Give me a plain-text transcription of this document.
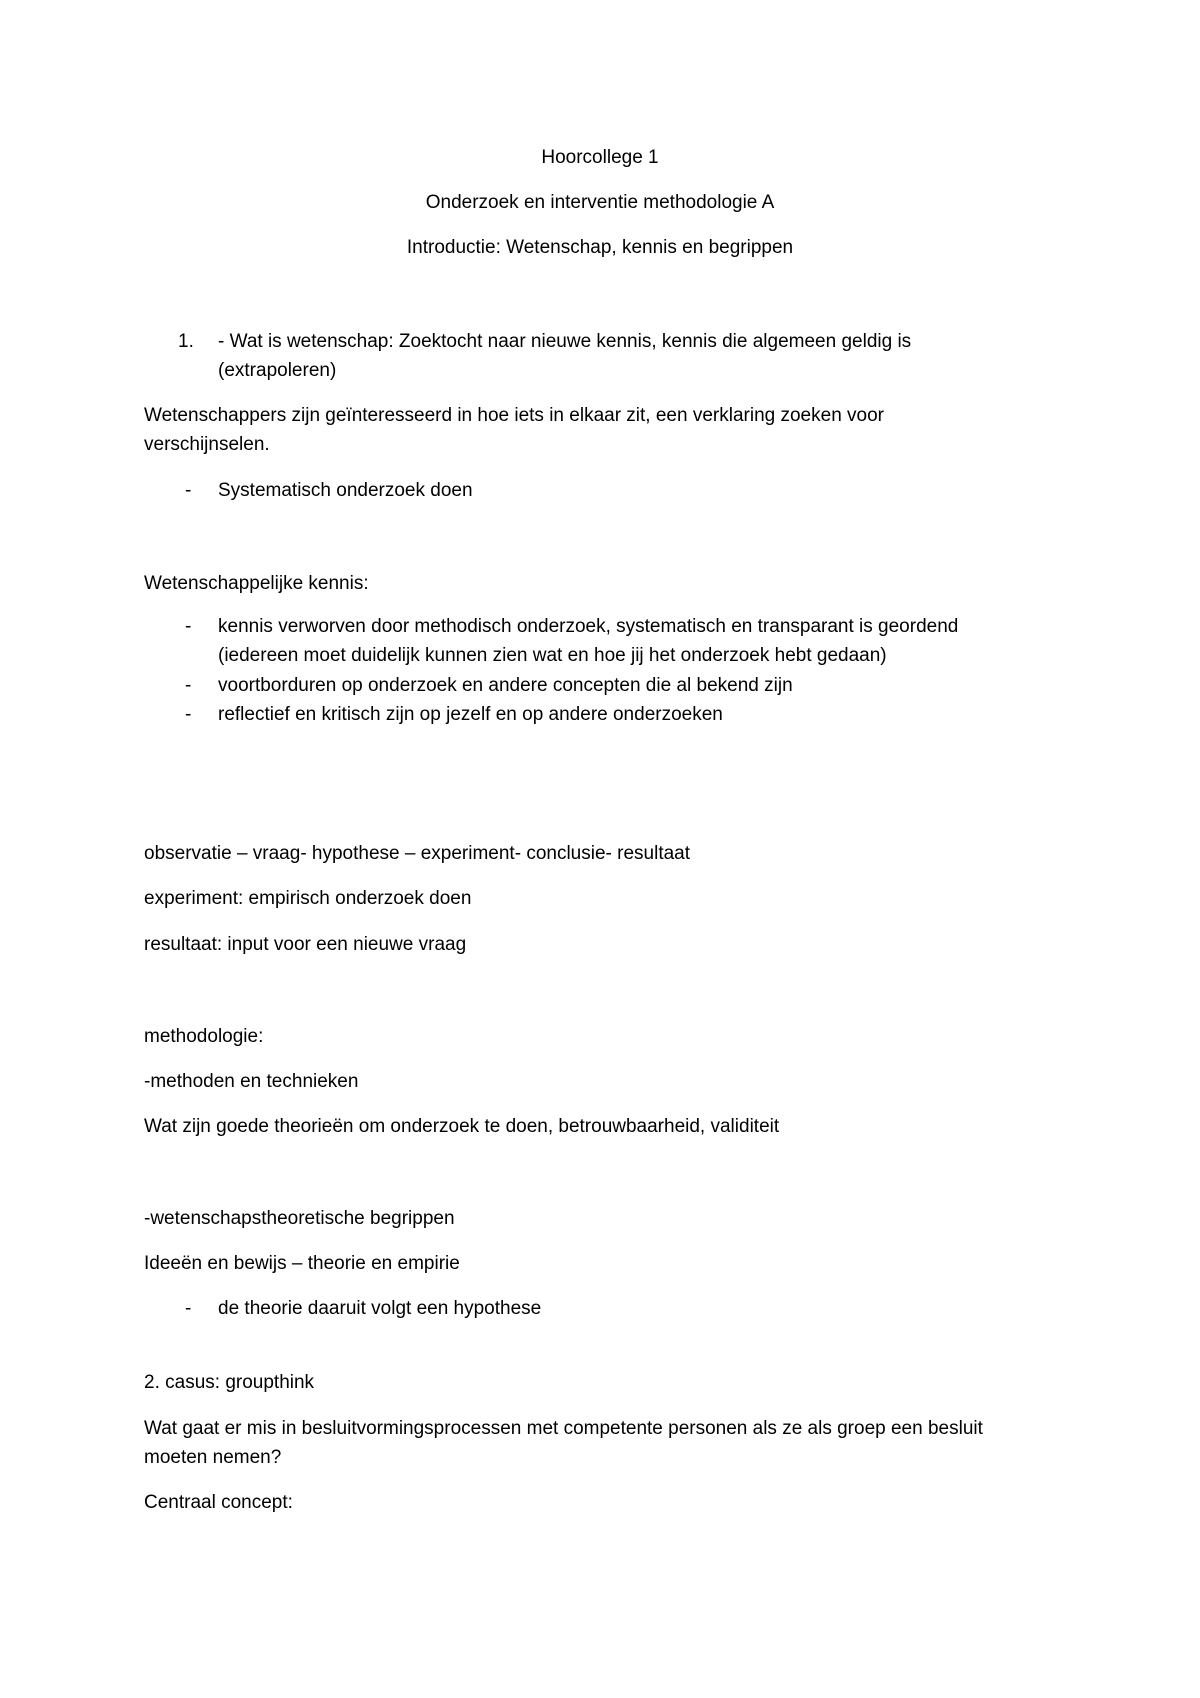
Hoorcollege 1
Onderzoek en interventie methodologie A
Introductie: Wetenschap, kennis en begrippen
1. - Wat is wetenschap: Zoektocht naar nieuwe kennis, kennis die algemeen geldig is
(extrapoleren)
Wetenschappers zijn geïnteresseerd in hoe iets in elkaar zit, een verklaring zoeken voor
verschijnselen.
- Systematisch onderzoek doen
Wetenschappelijke kennis:
- kennis verworven door methodisch onderzoek, systematisch en transparant is geordend
(iedereen moet duidelijk kunnen zien wat en hoe jij het onderzoek hebt gedaan)
- voortborduren op onderzoek en andere concepten die al bekend zijn
- reflectief en kritisch zijn op jezelf en op andere onderzoeken
observatie – vraag- hypothese – experiment- conclusie- resultaat
experiment: empirisch onderzoek doen
resultaat: input voor een nieuwe vraag
methodologie:
-methoden en technieken
Wat zijn goede theorieën om onderzoek te doen, betrouwbaarheid, validiteit
-wetenschapstheoretische begrippen
Ideeën en bewijs – theorie en empirie
- de theorie daaruit volgt een hypothese
2. casus: groupthink
Wat gaat er mis in besluitvormingsprocessen met competente personen als ze als groep een besluit
moeten nemen?
Centraal concept:
